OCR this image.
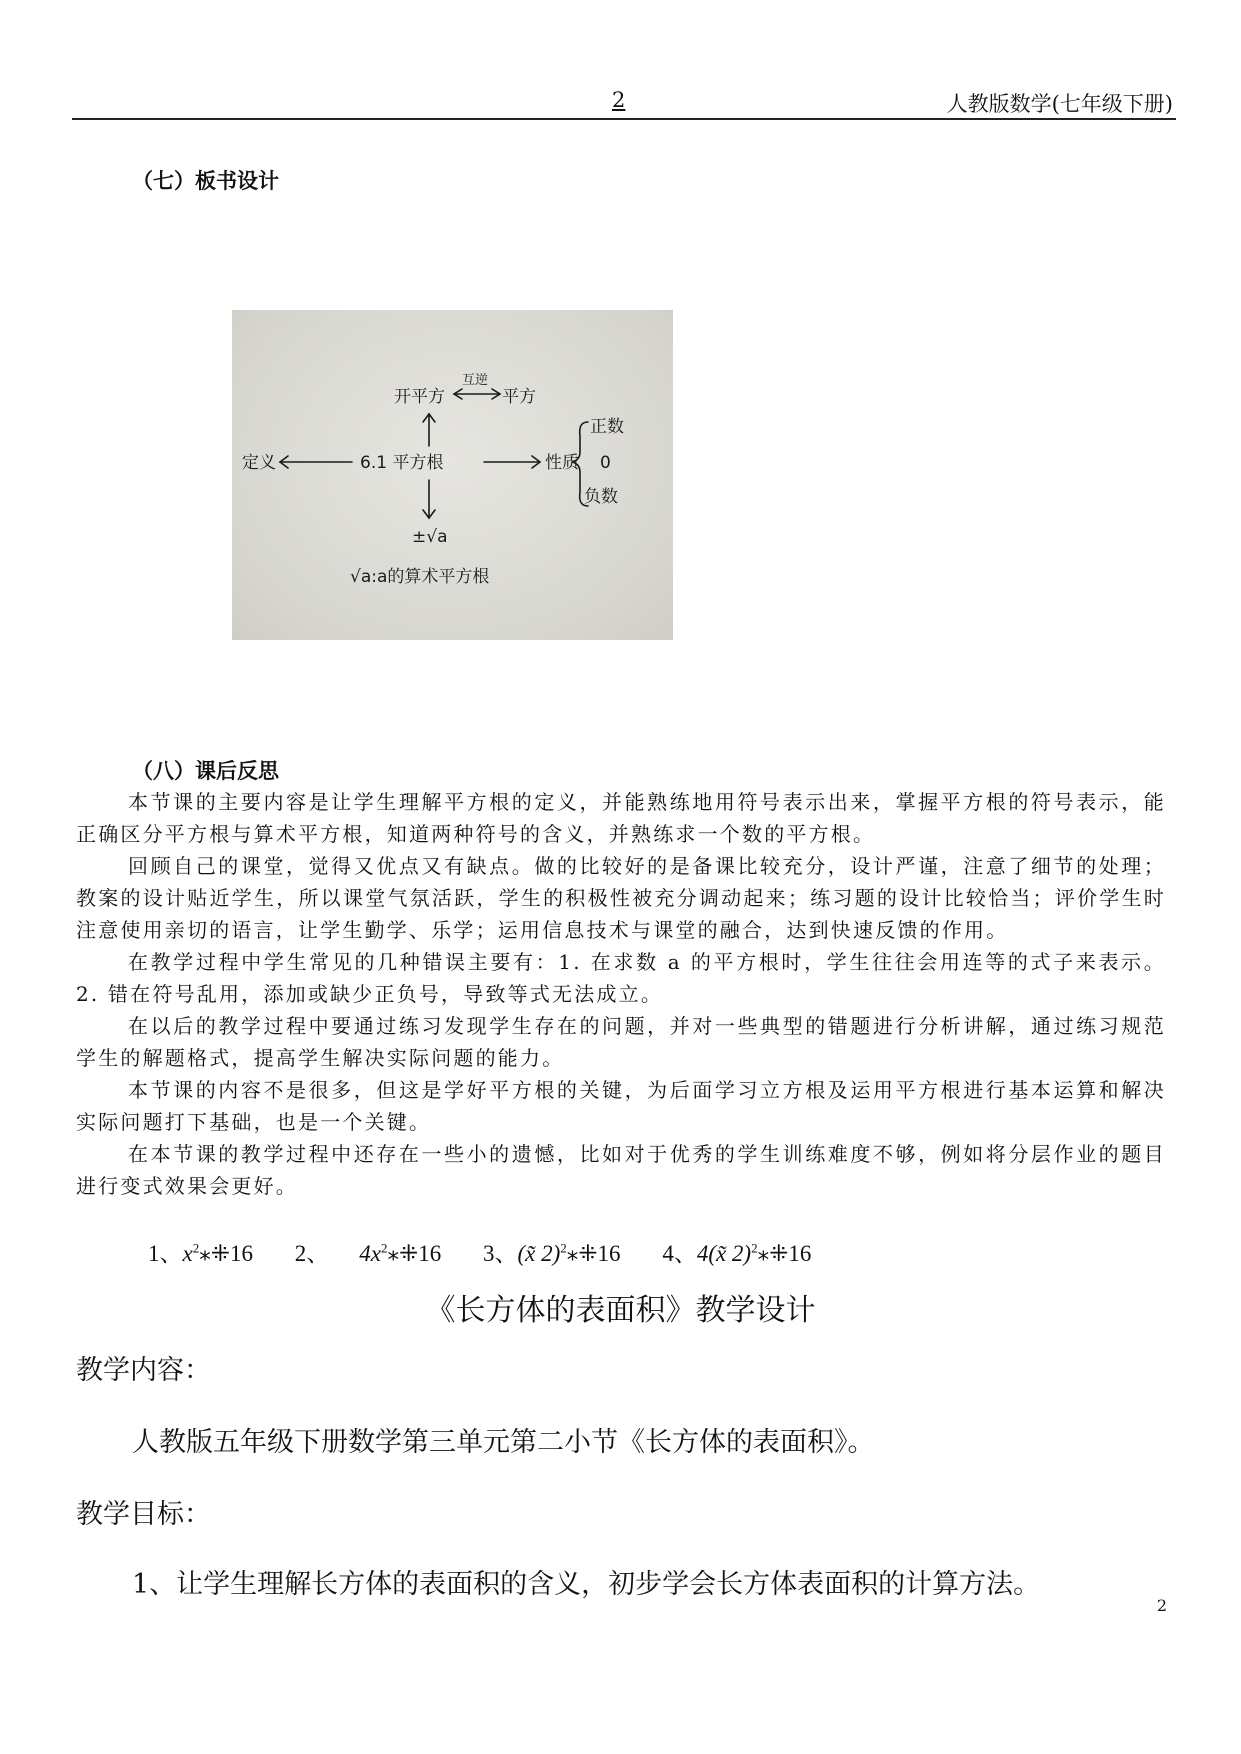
2	人教版数学(七年级下册)
（七）板书设计
6.1 平方根
定义	性质
正数
0
负数
开平方
互逆
平方
±√a
√a:a的算术平方根
（八）课后反思

本节课的主要内容是让学生理解平方根的定义，并能熟练地用符号表示出来，掌握平方根的符号表示，能正确区分平方根与算术平方根，知道两种符号的含义，并熟练求一个数的平方根。

回顾自己的课堂，觉得又优点又有缺点。做的比较好的是备课比较充分，设计严谨，注意了细节的处理；教案的设计贴近学生，所以课堂气氛活跃，学生的积极性被充分调动起来；练习题的设计比较恰当；评价学生时注意使用亲切的语言，让学生勤学、乐学；运用信息技术与课堂的融合，达到快速反馈的作用。

在教学过程中学生常见的几种错误主要有：1. 在求数 a 的平方根时，学生往往会用连等的式子来表示。2. 错在符号乱用，添加或缺少正负号，导致等式无法成立。

在以后的教学过程中要通过练习发现学生存在的问题，并对一些典型的错题进行分析讲解，通过练习规范学生的解题格式，提高学生解决实际问题的能力。

本节课的内容不是很多，但这是学好平方根的关键，为后面学习立方根及运用平方根进行基本运算和解决实际问题打下基础，也是一个关键。

在本节课的教学过程中还存在一些小的遗憾，比如对于优秀的学生训练难度不够，例如将分层作业的题目进行变式效果会更好。

1、$x^2⁎⁜16$ 2、 $4x^2⁎⁜16$ 3、(x̃ 2)$^2$⁎⁜16 4、4(x̃ 2)$^2$⁎⁜16
《长方体的表面积》教学设计
教学内容：
人教版五年级下册数学第三单元第二小节《长方体的表面积》。
教学目标：
1、让学生理解长方体的表面积的含义，初步学会长方体表面积的计算方法。
2
